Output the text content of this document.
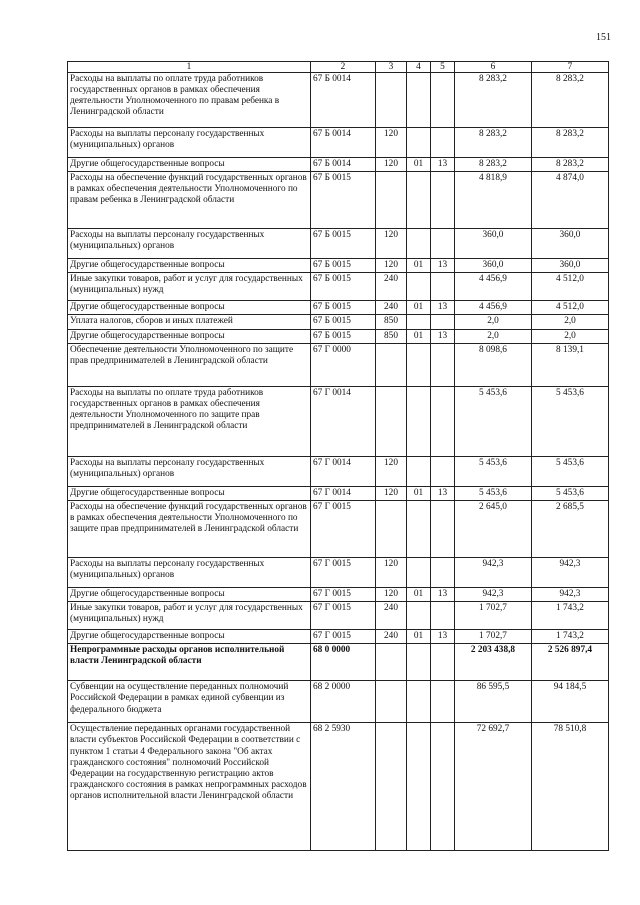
151
1	2	3	4	5	6	7
Расходы на выплаты по оплате труда работников государственных органов в рамках обеспечения деятельности Уполномоченного по правам ребенка в Ленинградской области	67 Б 0014				8 283,2	8 283,2
Расходы на выплаты персоналу государственных (муниципальных) органов	67 Б 0014	120			8 283,2	8 283,2
Другие общегосударственные вопросы	67 Б 0014	120	01	13	8 283,2	8 283,2
Расходы на обеспечение функций государственных органов в рамках обеспечения деятельности Уполномоченного по правам ребенка в Ленинградской области	67 Б 0015				4 818,9	4 874,0
Расходы на выплаты персоналу государственных (муниципальных) органов	67 Б 0015	120			360,0	360,0
Другие общегосударственные вопросы	67 Б 0015	120	01	13	360,0	360,0
Иные закупки товаров, работ и услуг для государственных (муниципальных) нужд	67 Б 0015	240			4 456,9	4 512,0
Другие общегосударственные вопросы	67 Б 0015	240	01	13	4 456,9	4 512,0
Уплата налогов, сборов и иных платежей	67 Б 0015	850			2,0	2,0
Другие общегосударственные вопросы	67 Б 0015	850	01	13	2,0	2,0
Обеспечение деятельности Уполномоченного по защите прав предпринимателей в Ленинградской области	67 Г 0000				8 098,6	8 139,1
Расходы на выплаты по оплате труда работников государственных органов в рамках обеспечения деятельности Уполномоченного по защите прав предпринимателей в Ленинградской области	67 Г 0014				5 453,6	5 453,6
Расходы на выплаты персоналу государственных (муниципальных) органов	67 Г 0014	120			5 453,6	5 453,6
Другие общегосударственные вопросы	67 Г 0014	120	01	13	5 453,6	5 453,6
Расходы на обеспечение функций государственных органов в рамках обеспечения деятельности Уполномоченного по защите прав предпринимателей в Ленинградской области	67 Г 0015				2 645,0	2 685,5
Расходы на выплаты персоналу государственных (муниципальных) органов	67 Г 0015	120			942,3	942,3
Другие общегосударственные вопросы	67 Г 0015	120	01	13	942,3	942,3
Иные закупки товаров, работ и услуг для государственных (муниципальных) нужд	67 Г 0015	240			1 702,7	1 743,2
Другие общегосударственные вопросы	67 Г 0015	240	01	13	1 702,7	1 743,2
Непрограммные расходы органов исполнительной власти Ленинградской области	68 0 0000				2 203 438,8	2 526 897,4
Субвенции на осуществление переданных полномочий Российской Федерации в рамках единой субвенции из федерального бюджета	68 2 0000				86 595,5	94 184,5
Осуществление переданных органами государственной власти субъектов Российской Федерации в соответствии с пунктом 1 статьи 4 Федерального закона "Об актах гражданского состояния" полномочий Российской Федерации на государственную регистрацию актов гражданского состояния в рамках непрограммных расходов органов исполнительной власти Ленинградской области	68 2 5930				72 692,7	78 510,8
